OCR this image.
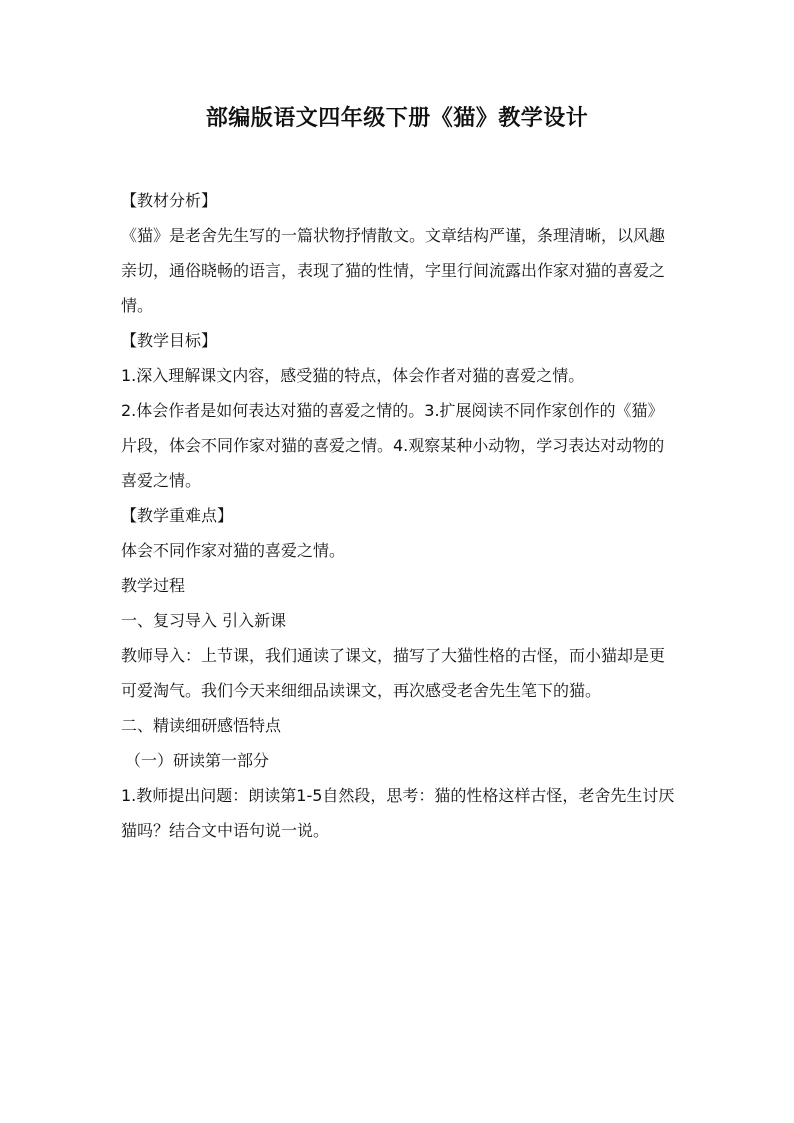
部编版语文四年级下册《猫》教学设计

【教材分析】

《猫》是老舍先生写的一篇状物抒情散文。文章结构严谨，条理清晰，以风趣亲切，通俗晓畅的语言，表现了猫的性情，字里行间流露出作家对猫的喜爱之情。

【教学目标】

1.深入理解课文内容，感受猫的特点，体会作者对猫的喜爱之情。

2.体会作者是如何表达对猫的喜爱之情的。3.扩展阅读不同作家创作的《猫》片段，体会不同作家对猫的喜爱之情。4.观察某种小动物，学习表达对动物的喜爱之情。

【教学重难点】

体会不同作家对猫的喜爱之情。

教学过程

一、复习导入 引入新课

教师导入：上节课，我们通读了课文，描写了大猫性格的古怪，而小猫却是更可爱淘气。我们今天来细细品读课文，再次感受老舍先生笔下的猫。

二、精读细研感悟特点

（一）研读第一部分

1.教师提出问题：朗读第1-5自然段，思考：猫的性格这样古怪，老舍先生讨厌猫吗？结合文中语句说一说。
